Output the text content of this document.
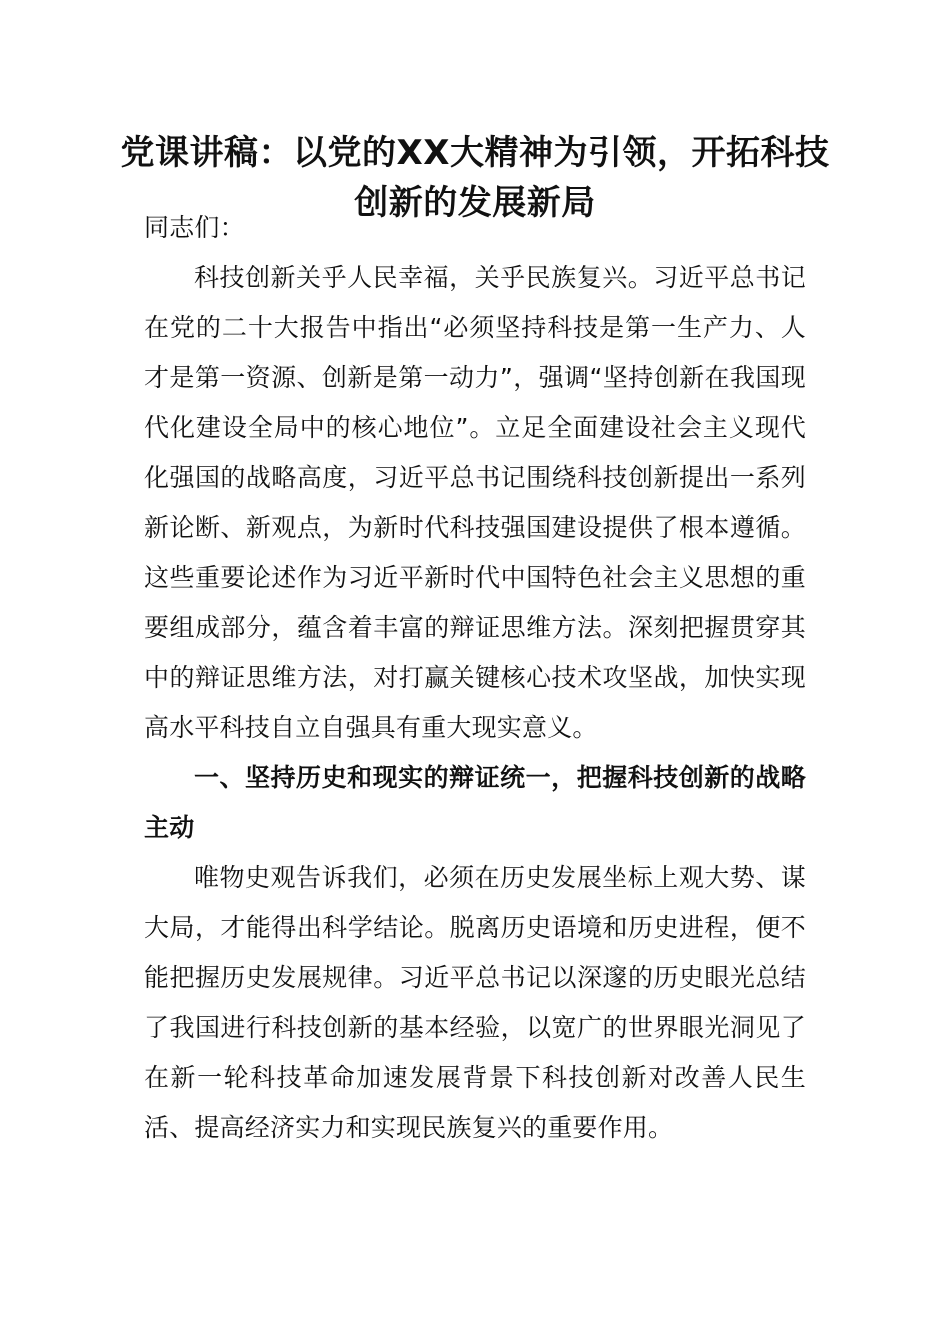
党课讲稿：以党的XX大精神为引领，开拓科技创新的发展新局

同志们：

科技创新关乎人民幸福，关乎民族复兴。习近平总书记在党的二十大报告中指出“必须坚持科技是第一生产力、人才是第一资源、创新是第一动力”，强调“坚持创新在我国现代化建设全局中的核心地位”。立足全面建设社会主义现代化强国的战略高度，习近平总书记围绕科技创新提出一系列新论断、新观点，为新时代科技强国建设提供了根本遵循。这些重要论述作为习近平新时代中国特色社会主义思想的重要组成部分，蕴含着丰富的辩证思维方法。深刻把握贯穿其中的辩证思维方法，对打赢关键核心技术攻坚战，加快实现高水平科技自立自强具有重大现实意义。

一、坚持历史和现实的辩证统一，把握科技创新的战略主动

唯物史观告诉我们，必须在历史发展坐标上观大势、谋大局，才能得出科学结论。脱离历史语境和历史进程，便不能把握历史发展规律。习近平总书记以深邃的历史眼光总结了我国进行科技创新的基本经验，以宽广的世界眼光洞见了在新一轮科技革命加速发展背景下科技创新对改善人民生活、提高经济实力和实现民族复兴的重要作用。
